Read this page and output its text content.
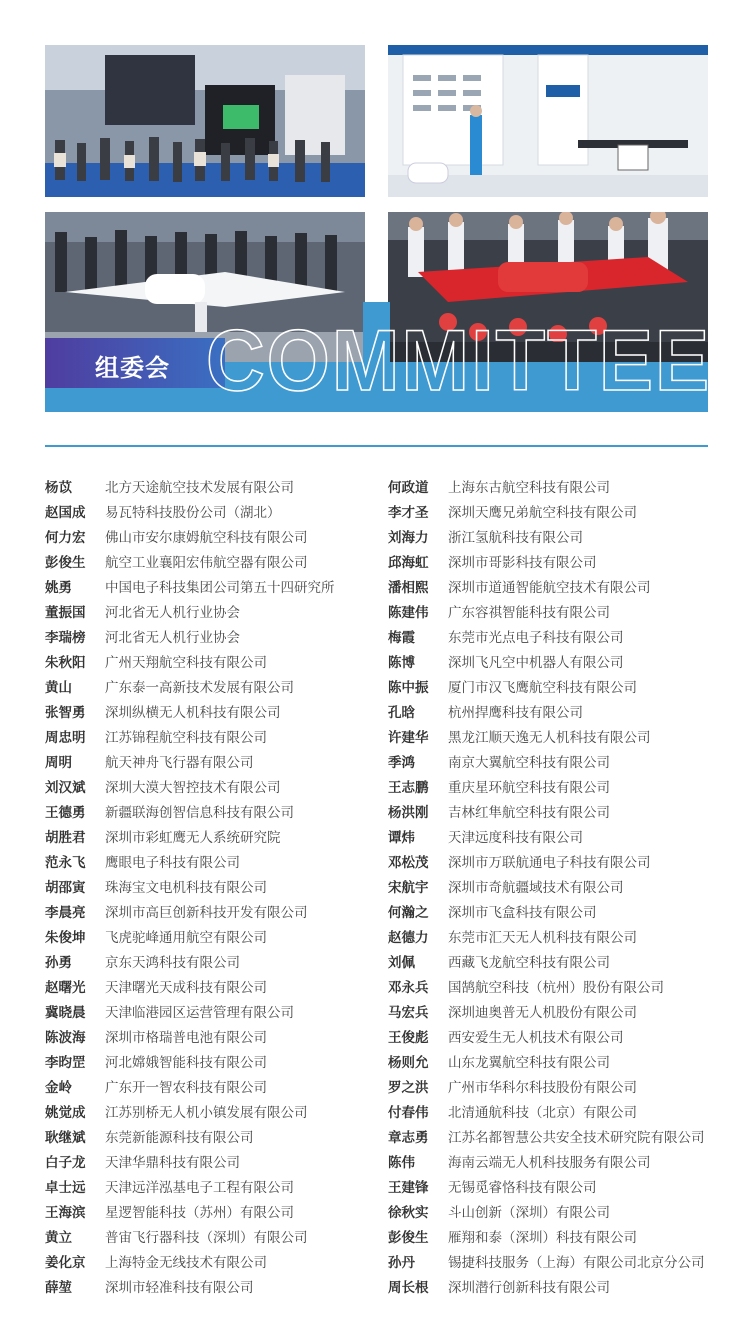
组委会 COMMITTEE
杨苡 北方天途航空技术发展有限公司
赵国成 易瓦特科技股份公司（湖北）
何力宏 佛山市安尔康姆航空科技有限公司
彭俊生 航空工业襄阳宏伟航空器有限公司
姚勇 中国电子科技集团公司第五十四研究所
董振国 河北省无人机行业协会
李瑞榜 河北省无人机行业协会
朱秋阳 广州天翔航空科技有限公司
黄山 广东泰一高新技术发展有限公司
张智勇 深圳纵横无人机科技有限公司
周忠明 江苏锦程航空科技有限公司
周明 航天神舟飞行器有限公司
刘汉斌 深圳大漠大智控技术有限公司
王德勇 新疆联海创智信息科技有限公司
胡胜君 深圳市彩虹鹰无人系统研究院
范永飞 鹰眼电子科技有限公司
胡邵寅 珠海宝文电机科技有限公司
李晨亮 深圳市高巨创新科技开发有限公司
朱俊坤 飞虎驼峰通用航空有限公司
孙勇 京东天鸿科技有限公司
赵曙光 天津曙光天成科技有限公司
冀晓晨 天津临港园区运营管理有限公司
陈波海 深圳市格瑞普电池有限公司
李昀罡 河北嫦娥智能科技有限公司
金岭 广东开一智农科技有限公司
姚觉成 江苏别桥无人机小镇发展有限公司
耿继斌 东莞新能源科技有限公司
白子龙 天津华鼎科技有限公司
卓士远 天津远洋泓基电子工程有限公司
王海滨 星逻智能科技（苏州）有限公司
黄立 普宙飞行器科技（深圳）有限公司
姜化京 上海特金无线技术有限公司
薛堃 深圳市轻准科技有限公司
何政道 上海东古航空科技有限公司
李才圣 深圳天鹰兄弟航空科技有限公司
刘海力 浙江氢航科技有限公司
邱海虹 深圳市哥影科技有限公司
潘相熙 深圳市道通智能航空技术有限公司
陈建伟 广东容祺智能科技有限公司
梅霞 东莞市光点电子科技有限公司
陈博 深圳飞凡空中机器人有限公司
陈中振 厦门市汉飞鹰航空科技有限公司
孔晗 杭州捍鹰科技有限公司
许建华 黑龙江顺天逸无人机科技有限公司
季鸿 南京大翼航空科技有限公司
王志鹏 重庆星环航空科技有限公司
杨洪刚 吉林红隼航空科技有限公司
谭炜 天津远度科技有限公司
邓松茂 深圳市万联航通电子科技有限公司
宋航宇 深圳市奇航疆域技术有限公司
何瀚之 深圳市飞盒科技有限公司
赵德力 东莞市汇天无人机科技有限公司
刘佩 西藏飞龙航空科技有限公司
邓永兵 国鹄航空科技（杭州）股份有限公司
马宏兵 深圳迪奥普无人机股份有限公司
王俊彪 西安爱生无人机技术有限公司
杨则允 山东龙翼航空科技有限公司
罗之洪 广州市华科尔科技股份有限公司
付春伟 北清通航科技（北京）有限公司
章志勇 江苏名都智慧公共安全技术研究院有限公司
陈伟 海南云端无人机科技服务有限公司
王建锋 无锡觅睿恪科技有限公司
徐秋实 斗山创新（深圳）有限公司
彭俊生 雁翔和泰（深圳）科技有限公司
孙丹 锡捷科技服务（上海）有限公司北京分公司
周长根 深圳潜行创新科技有限公司
